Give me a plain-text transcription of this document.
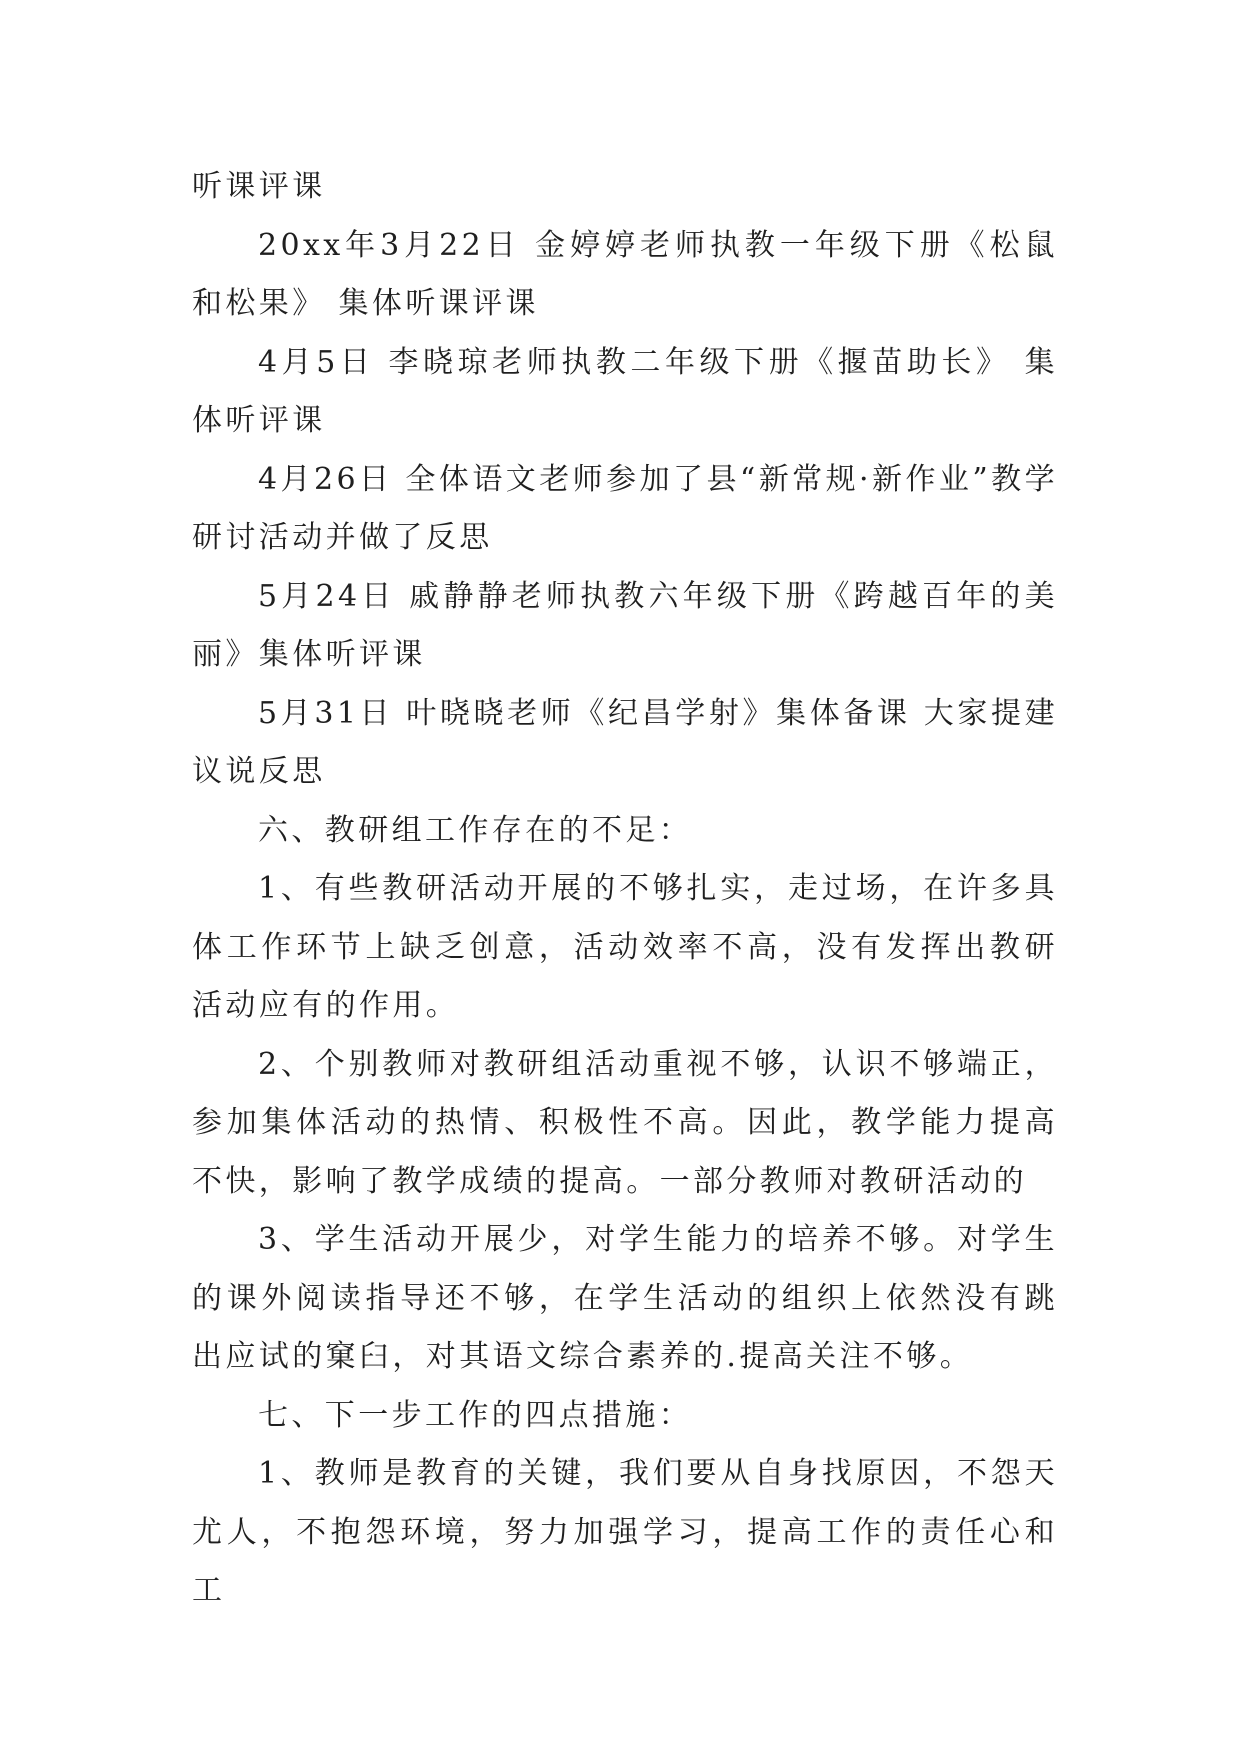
听课评课

20xx年3月22日 金婷婷老师执教一年级下册《松鼠和松果》 集体听课评课

4月5日 李晓琼老师执教二年级下册《揠苗助长》 集体听评课

4月26日 全体语文老师参加了县“新常规·新作业”教学研讨活动并做了反思

5月24日 戚静静老师执教六年级下册《跨越百年的美丽》集体听评课

5月31日 叶晓晓老师《纪昌学射》集体备课 大家提建议说反思

六、教研组工作存在的不足：

1、有些教研活动开展的不够扎实，走过场，在许多具体工作环节上缺乏创意，活动效率不高，没有发挥出教研活动应有的作用。

2、个别教师对教研组活动重视不够，认识不够端正，参加集体活动的热情、积极性不高。因此，教学能力提高不快，影响了教学成绩的提高。一部分教师对教研活动的

3、学生活动开展少，对学生能力的培养不够。对学生的课外阅读指导还不够，在学生活动的组织上依然没有跳出应试的窠臼，对其语文综合素养的.提高关注不够。

七、下一步工作的四点措施：

1、教师是教育的关键，我们要从自身找原因，不怨天尤人，不抱怨环境，努力加强学习，提高工作的责任心和工
